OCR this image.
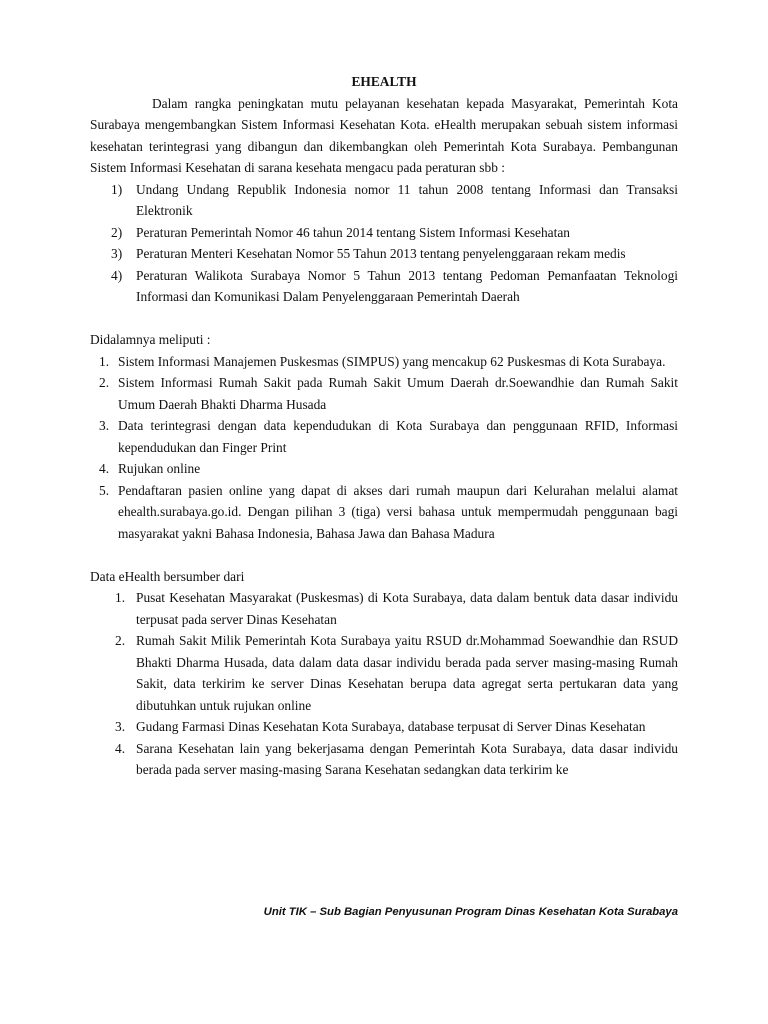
EHEALTH

Dalam rangka peningkatan mutu pelayanan kesehatan kepada Masyarakat, Pemerintah Kota Surabaya mengembangkan Sistem Informasi Kesehatan Kota. eHealth merupakan sebuah sistem informasi kesehatan terintegrasi yang dibangun dan dikembangkan oleh Pemerintah Kota Surabaya. Pembangunan Sistem Informasi Kesehatan di sarana kesehata mengacu pada peraturan sbb :

1) Undang Undang Republik Indonesia nomor 11 tahun 2008 tentang Informasi dan Transaksi Elektronik
2) Peraturan Pemerintah Nomor 46 tahun 2014 tentang Sistem Informasi Kesehatan
3) Peraturan Menteri Kesehatan Nomor 55 Tahun 2013 tentang penyelenggaraan rekam medis
4) Peraturan Walikota Surabaya Nomor 5 Tahun 2013 tentang Pedoman Pemanfaatan Teknologi Informasi dan Komunikasi Dalam Penyelenggaraan Pemerintah Daerah

Didalamnya meliputi :

1. Sistem Informasi Manajemen Puskesmas (SIMPUS) yang mencakup 62 Puskesmas di Kota Surabaya.
2. Sistem Informasi Rumah Sakit pada Rumah Sakit Umum Daerah dr.Soewandhie dan Rumah Sakit Umum Daerah Bhakti Dharma Husada
3. Data terintegrasi dengan data kependudukan di Kota Surabaya dan penggunaan RFID, Informasi kependudukan dan Finger Print
4. Rujukan online
5. Pendaftaran pasien online yang dapat di akses dari rumah maupun dari Kelurahan melalui alamat ehealth.surabaya.go.id. Dengan pilihan 3 (tiga) versi bahasa untuk mempermudah penggunaan bagi masyarakat yakni Bahasa Indonesia, Bahasa Jawa dan Bahasa Madura

Data eHealth bersumber dari

1. Pusat Kesehatan Masyarakat (Puskesmas) di Kota Surabaya, data dalam bentuk data dasar individu terpusat pada server Dinas Kesehatan
2. Rumah Sakit Milik Pemerintah Kota Surabaya yaitu RSUD dr.Mohammad Soewandhie dan RSUD Bhakti Dharma Husada, data dalam data dasar individu berada pada server masing-masing Rumah Sakit, data terkirim ke server Dinas Kesehatan berupa data agregat serta pertukaran data yang dibutuhkan untuk rujukan online
3. Gudang Farmasi Dinas Kesehatan Kota Surabaya, database terpusat di Server Dinas Kesehatan
4. Sarana Kesehatan lain yang bekerjasama dengan Pemerintah Kota Surabaya, data dasar individu berada pada server masing-masing Sarana Kesehatan sedangkan data terkirim ke
Unit TIK – Sub Bagian Penyusunan Program Dinas Kesehatan Kota Surabaya
